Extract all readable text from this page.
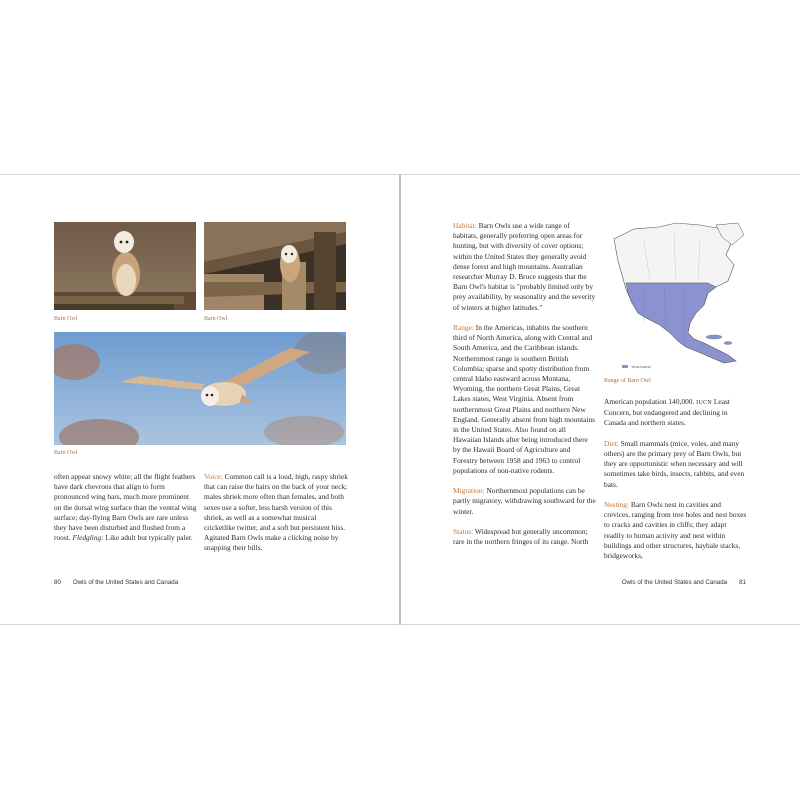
Barn Owl	Barn Owl
Barn Owl

often appear snowy white; all the flight feathers have dark chevrons that align to form pronounced wing bars, much more prominent on the dorsal wing surface than the ventral wing surface; day-flying Barn Owls are rare unless they have been disturbed and flushed from a roost. Fledgling: Like adult but typically paler.

Voice: Common call is a loud, high, raspy shriek that can raise the hairs on the back of your neck; males shriek more often than females, and both sexes use a softer, less harsh version of this shriek, as well as a somewhat musical cricketlike twitter, and a soft but persistent hiss. Agitated Barn Owls make a clicking noise by snapping their bills.

80 Owls of the United States and Canada

Habitat: Barn Owls use a wide range of habitats, generally preferring open areas for hunting, but with diversity of cover options; within the United States they generally avoid dense forest and high mountains. Australian researcher Murray D. Bruce suggests that the Barn Owl's habitat is "probably limited only by prey availability, by seasonality and the severity of winters at higher latitudes."

Range: In the Americas, inhabits the southern third of North America, along with Central and South America, and the Caribbean islands. Northernmost range is southern British Columbia; sparse and spotty distribution from central Idaho eastward across Montana, Wyoming, the northern Great Plains, Great Lakes states, West Virginia. Absent from northernmost Great Plains and northern New England. Generally absent from high mountains in the United States. Also found on all Hawaiian Islands after being introduced there by the Hawaii Board of Agriculture and Forestry between 1958 and 1963 to control populations of non-native rodents.

Migration: Northernmost populations can be partly migratory, withdrawing southward for the winter.

Status: Widespread but generally uncommon; rare in the northern fringes of its range. North

Year-round
Range of Barn Owl

American population 140,000. IUCN Least Concern, but endangered and declining in Canada and northern states.

Diet: Small mammals (mice, voles, and many others) are the primary prey of Barn Owls, but they are opportunistic when necessary and will sometimes take birds, insects, rabbits, and even bats.

Nesting: Barn Owls nest in cavities and crevices, ranging from tree holes and nest boxes to cracks and cavities in cliffs; they adapt readily to human activity and nest within buildings and other structures, haybale stacks, bridgeworks,

Owls of the United States and Canada 81
